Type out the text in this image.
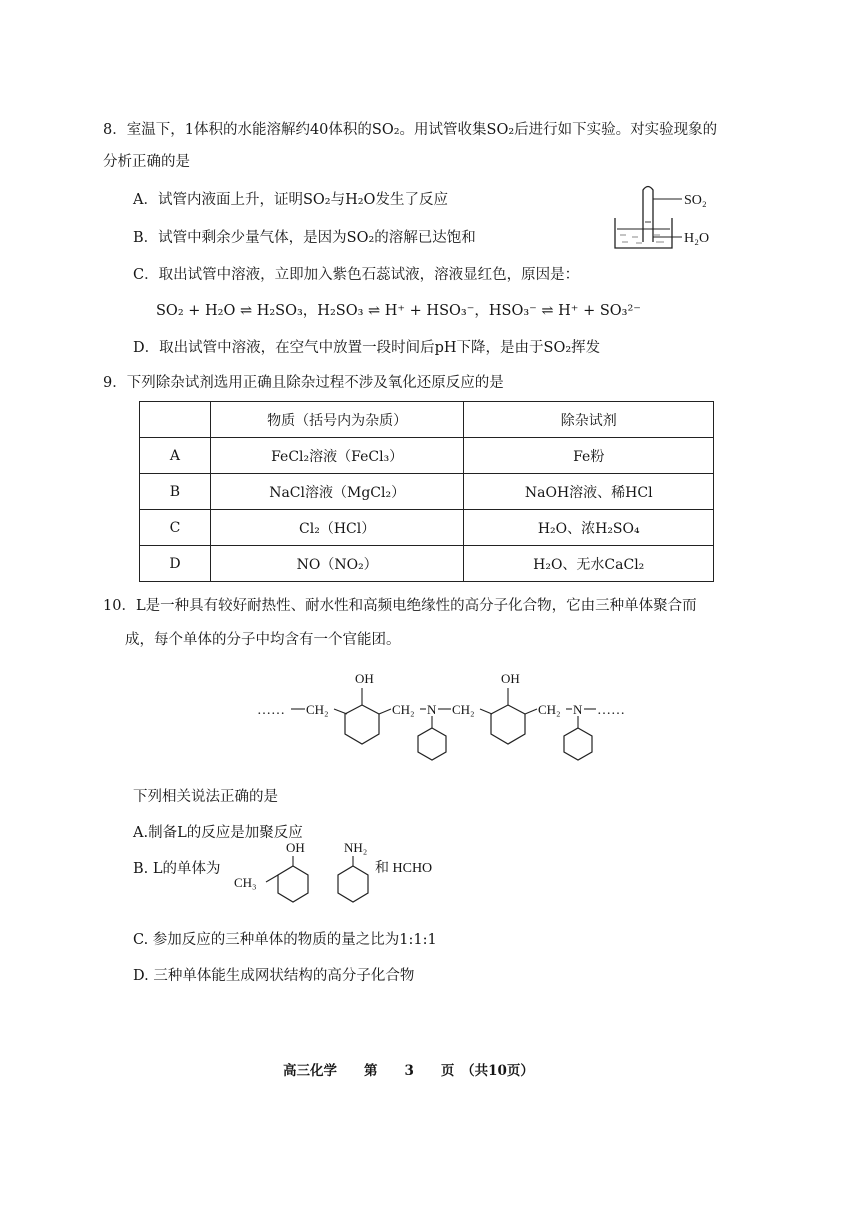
8．室温下，1体积的水能溶解约40体积的SO₂。用试管收集SO₂后进行如下实验。对实验现象的
分析正确的是
A．试管内液面上升，证明SO₂与H₂O发生了反应
B．试管中剩余少量气体，是因为SO₂的溶解已达饱和
C．取出试管中溶液，立即加入紫色石蕊试液，溶液显红色，原因是：
SO₂ + H₂O ⇌ H₂SO₃，H₂SO₃ ⇌ H⁺ + HSO₃⁻，HSO₃⁻ ⇌ H⁺ + SO₃²⁻
D．取出试管中溶液，在空气中放置一段时间后pH下降，是由于SO₂挥发
SO₂
H₂O
9．下列除杂试剂选用正确且除杂过程不涉及氧化还原反应的是
	物质（括号内为杂质）	除杂试剂
A	FeCl₂溶液（FeCl₃）	Fe粉
B	NaCl溶液（MgCl₂）	NaOH溶液、稀HCl
C	Cl₂（HCl）	H₂O、浓H₂SO₄
D	NO（NO₂）	H₂O、无水CaCl₂
10．L是一种具有较好耐热性、耐水性和高频电绝缘性的高分子化合物，它由三种单体聚合而
成，每个单体的分子中均含有一个官能团。
…… CH₂
OH
CH₂ N CH₂
OH
CH₂ N ……
下列相关说法正确的是
A.制备L的反应是加聚反应
B. L的单体为
OH
CH₃
NH₂
和 HCHO
C. 参加反应的三种单体的物质的量之比为1:1:1
D. 三种单体能生成网状结构的高分子化合物
高三化学　　第　　3　　页　（共10页）
